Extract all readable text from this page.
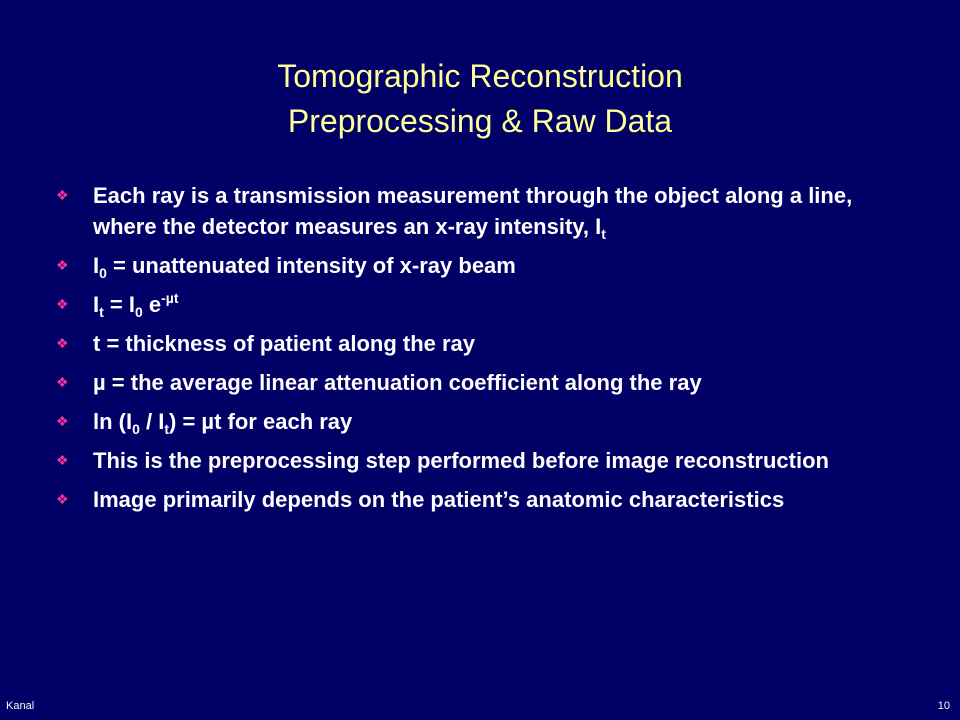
Tomographic Reconstruction
Preprocessing & Raw Data
❖ Each ray is a transmission measurement through the object along a line, where the detector measures an x-ray intensity, $I_t$
❖ $I_0$ = unattenuated intensity of x-ray beam
❖ $I_t = I_0$ $e^{-\mu t}$
❖ t = thickness of patient along the ray
❖ µ = the average linear attenuation coefficient along the ray
❖ $\ln (I_0 / I_t) = \mu t$ for each ray
❖ This is the preprocessing step performed before image reconstruction
❖ Image primarily depends on the patient’s anatomic characteristics
Kanal	10
